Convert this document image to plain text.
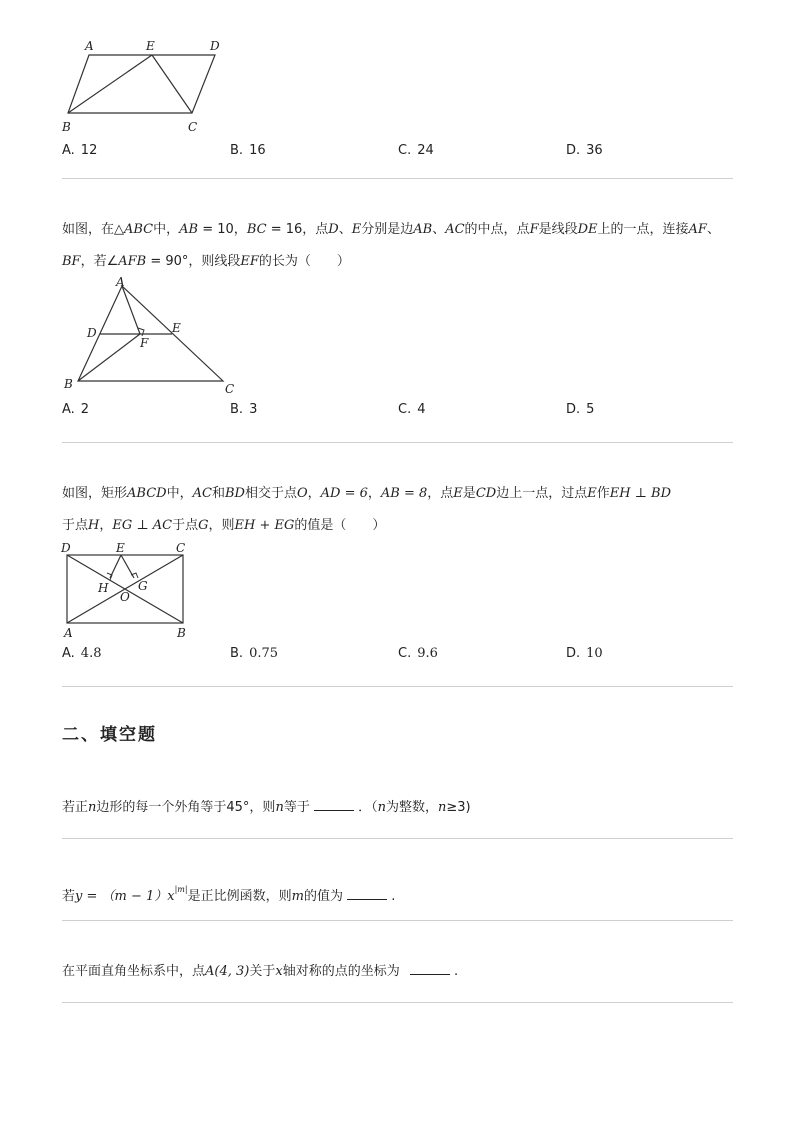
A	E	D
B	C
A. 12	B. 16	C. 24	D. 36
如图，在△ABC中，AB = 10，BC = 16，点D、E分别是边AB、AC的中点，点F是线段DE上的一点，连接AF、
BF，若∠AFB = 90°，则线段EF的长为（　　）
A
D	E
F
B	C
A. 2	B. 3	C. 4	D. 5
如图，矩形ABCD中，AC和BD相交于点O，AD = 6，AB = 8，点E是CD边上一点，过点E作EH ⊥ BD
于点H，EG ⊥ AC于点G，则EH + EG的值是（　　）
D	E	C
H G
O
A	B
A. 4.8	B. 0.75	C. 9.6	D. 10
二、填空题
若正n边形的每一个外角等于45°，则n等于	．（n为整数，n≥3)
若$y = (m - 1)x^{|m|}$是正比例函数，则m的值为	.
在平面直角坐标系中，点A(4, 3)关于x轴对称的点的坐标为	.
